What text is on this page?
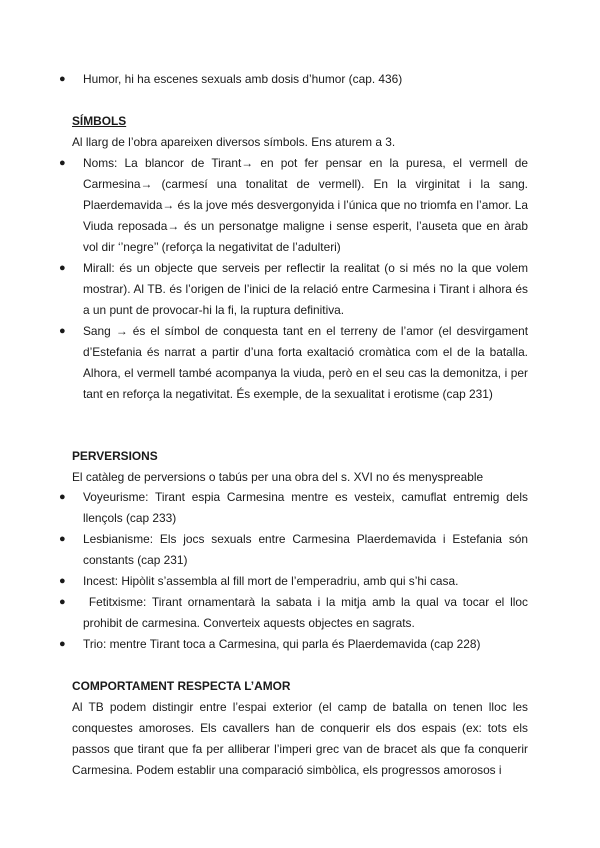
● Humor, hi ha escenes sexuals amb dosis d’humor (cap. 436)
SÍMBOLS
Al llarg de l’obra apareixen diversos símbols. Ens aturem a 3.
● Noms: La blancor de Tirant→ en pot fer pensar en la puresa, el vermell de Carmesina→ (carmesí una tonalitat de vermell). En la virginitat i la sang. Plaerdemavida→ és la jove més desvergonyida i l’única que no triomfa en l’amor. La Viuda reposada→ és un personatge maligne i sense esperit, l’auseta que en àrab vol dir ‘’negre’’ (reforça la negativitat de l’adulteri)
● Mirall: és un objecte que serveis per reflectir la realitat (o si més no la que volem mostrar). Al TB. és l’origen de l’inici de la relació entre Carmesina i Tirant i alhora és a un punt de provocar-hi la fi, la ruptura definitiva.
● Sang → és el símbol de conquesta tant en el terreny de l’amor (el desvirgament d’Estefania és narrat a partir d’una forta exaltació cromàtica com el de la batalla. Alhora, el vermell també acompanya la viuda, però en el seu cas la demonitza, i per tant en reforça la negativitat. És exemple, de la sexualitat i erotisme (cap 231)
PERVERSIONS
El catàleg de perversions o tabús per una obra del s. XVI no és menyspreable
● Voyeurisme: Tirant espia Carmesina mentre es vesteix, camuflat entremig dels llençols (cap 233)
● Lesbianisme: Els jocs sexuals entre Carmesina Plaerdemavida i Estefania són constants (cap 231)
● Incest: Hipòlit s’assembla al fill mort de l’emperadriu, amb qui s’hi casa.
● Fetitxisme: Tirant ornamentarà la sabata i la mitja amb la qual va tocar el lloc prohibit de carmesina. Converteix aquests objectes en sagrats.
● Trio: mentre Tirant toca a Carmesina, qui parla és Plaerdemavida (cap 228)
COMPORTAMENT RESPECTA L’AMOR
Al TB podem distingir entre l’espai exterior (el camp de batalla on tenen lloc les conquestes amoroses. Els cavallers han de conquerir els dos espais (ex: tots els passos que tirant que fa per alliberar l’imperi grec van de bracet als que fa conquerir Carmesina. Podem establir una comparació simbòlica, els progressos amorosos i
